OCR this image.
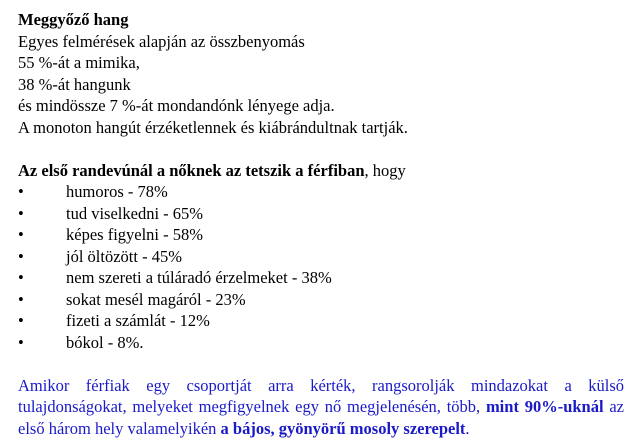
Meggyőző hang
Egyes felmérések alapján az összbenyomás
55 %-át a mimika,
38 %-át hangunk
és mindössze 7 %-át mondandónk lényege adja.
A monoton hangút érzéketlennek és kiábrándultnak tartják.
Az első randevúnál a nőknek az tetszik a férfiban, hogy
•	humoros - 78%
•	tud viselkedni - 65%
•	képes figyelni - 58%
•	jól öltözött - 45%
•	nem szereti a túláradó érzelmeket - 38%
•	sokat mesél magáról - 23%
•	fizeti a számlát - 12%
•	bókol - 8%.
Amikor férfiak egy csoportját arra kérték, rangsorolják mindazokat a külső tulajdonságokat, melyeket megfigyelnek egy nő megjelenésén, több, mint 90%-uknál az első három hely valamelyikén a bájos, gyönyörű mosoly szerepelt.
